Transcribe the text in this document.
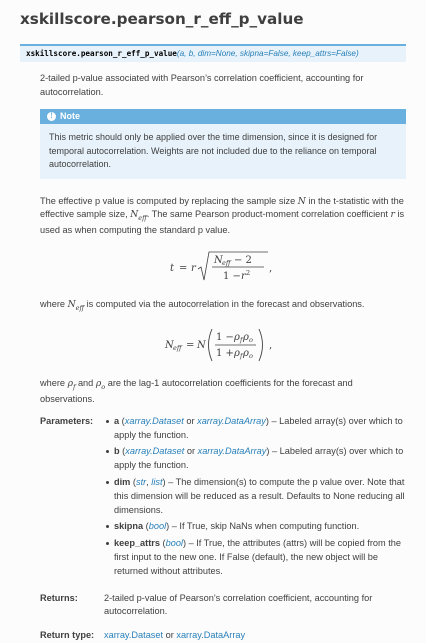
xskillscore.pearson_r_eff_p_value
xskillscore.pearson_r_eff_p_value(a, b, dim=None, skipna=False, keep_attrs=False)

2-tailed p-value associated with Pearson’s correlation coefficient, accounting for autocorrelation.

! Note
This metric should only be applied over the time dimension, since it is designed for temporal autocorrelation. Weights are not included due to the reliance on temporal autocorrelation.

The effective p value is computed by replacing the sample size N in the t-statistic with the effective sample size, $N_{eff}$. The same Pearson product-moment correlation coefficient r is used as when computing the standard p value.

t = r
N eff − 2
1 − r 2 ,

where $N_{eff}$ is computed via the autocorrelation in the forecast and observations.

N eff = N
1 − ρ f ρ o
1 + ρ f ρ o
,

where $\rho_f$ and $\rho_o$ are the lag-1 autocorrelation coefficients for the forecast and observations.

Parameters:	a (xarray.Dataset or xarray.DataArray) – Labeled array(s) over which to apply the function.
b (xarray.Dataset or xarray.DataArray) – Labeled array(s) over which to apply the function.
dim (str, list) – The dimension(s) to compute the p value over. Note that this dimension will be reduced as a result. Defaults to None reducing all dimensions.
skipna (bool) – If True, skip NaNs when computing function.
keep_attrs (bool) – If True, the attributes (attrs) will be copied from the first input to the new one. If False (default), the new object will be returned without attributes.
Returns:	2-tailed p-value of Pearson’s correlation coefficient, accounting for autocorrelation.
Return type:	xarray.Dataset or xarray.DataArray
